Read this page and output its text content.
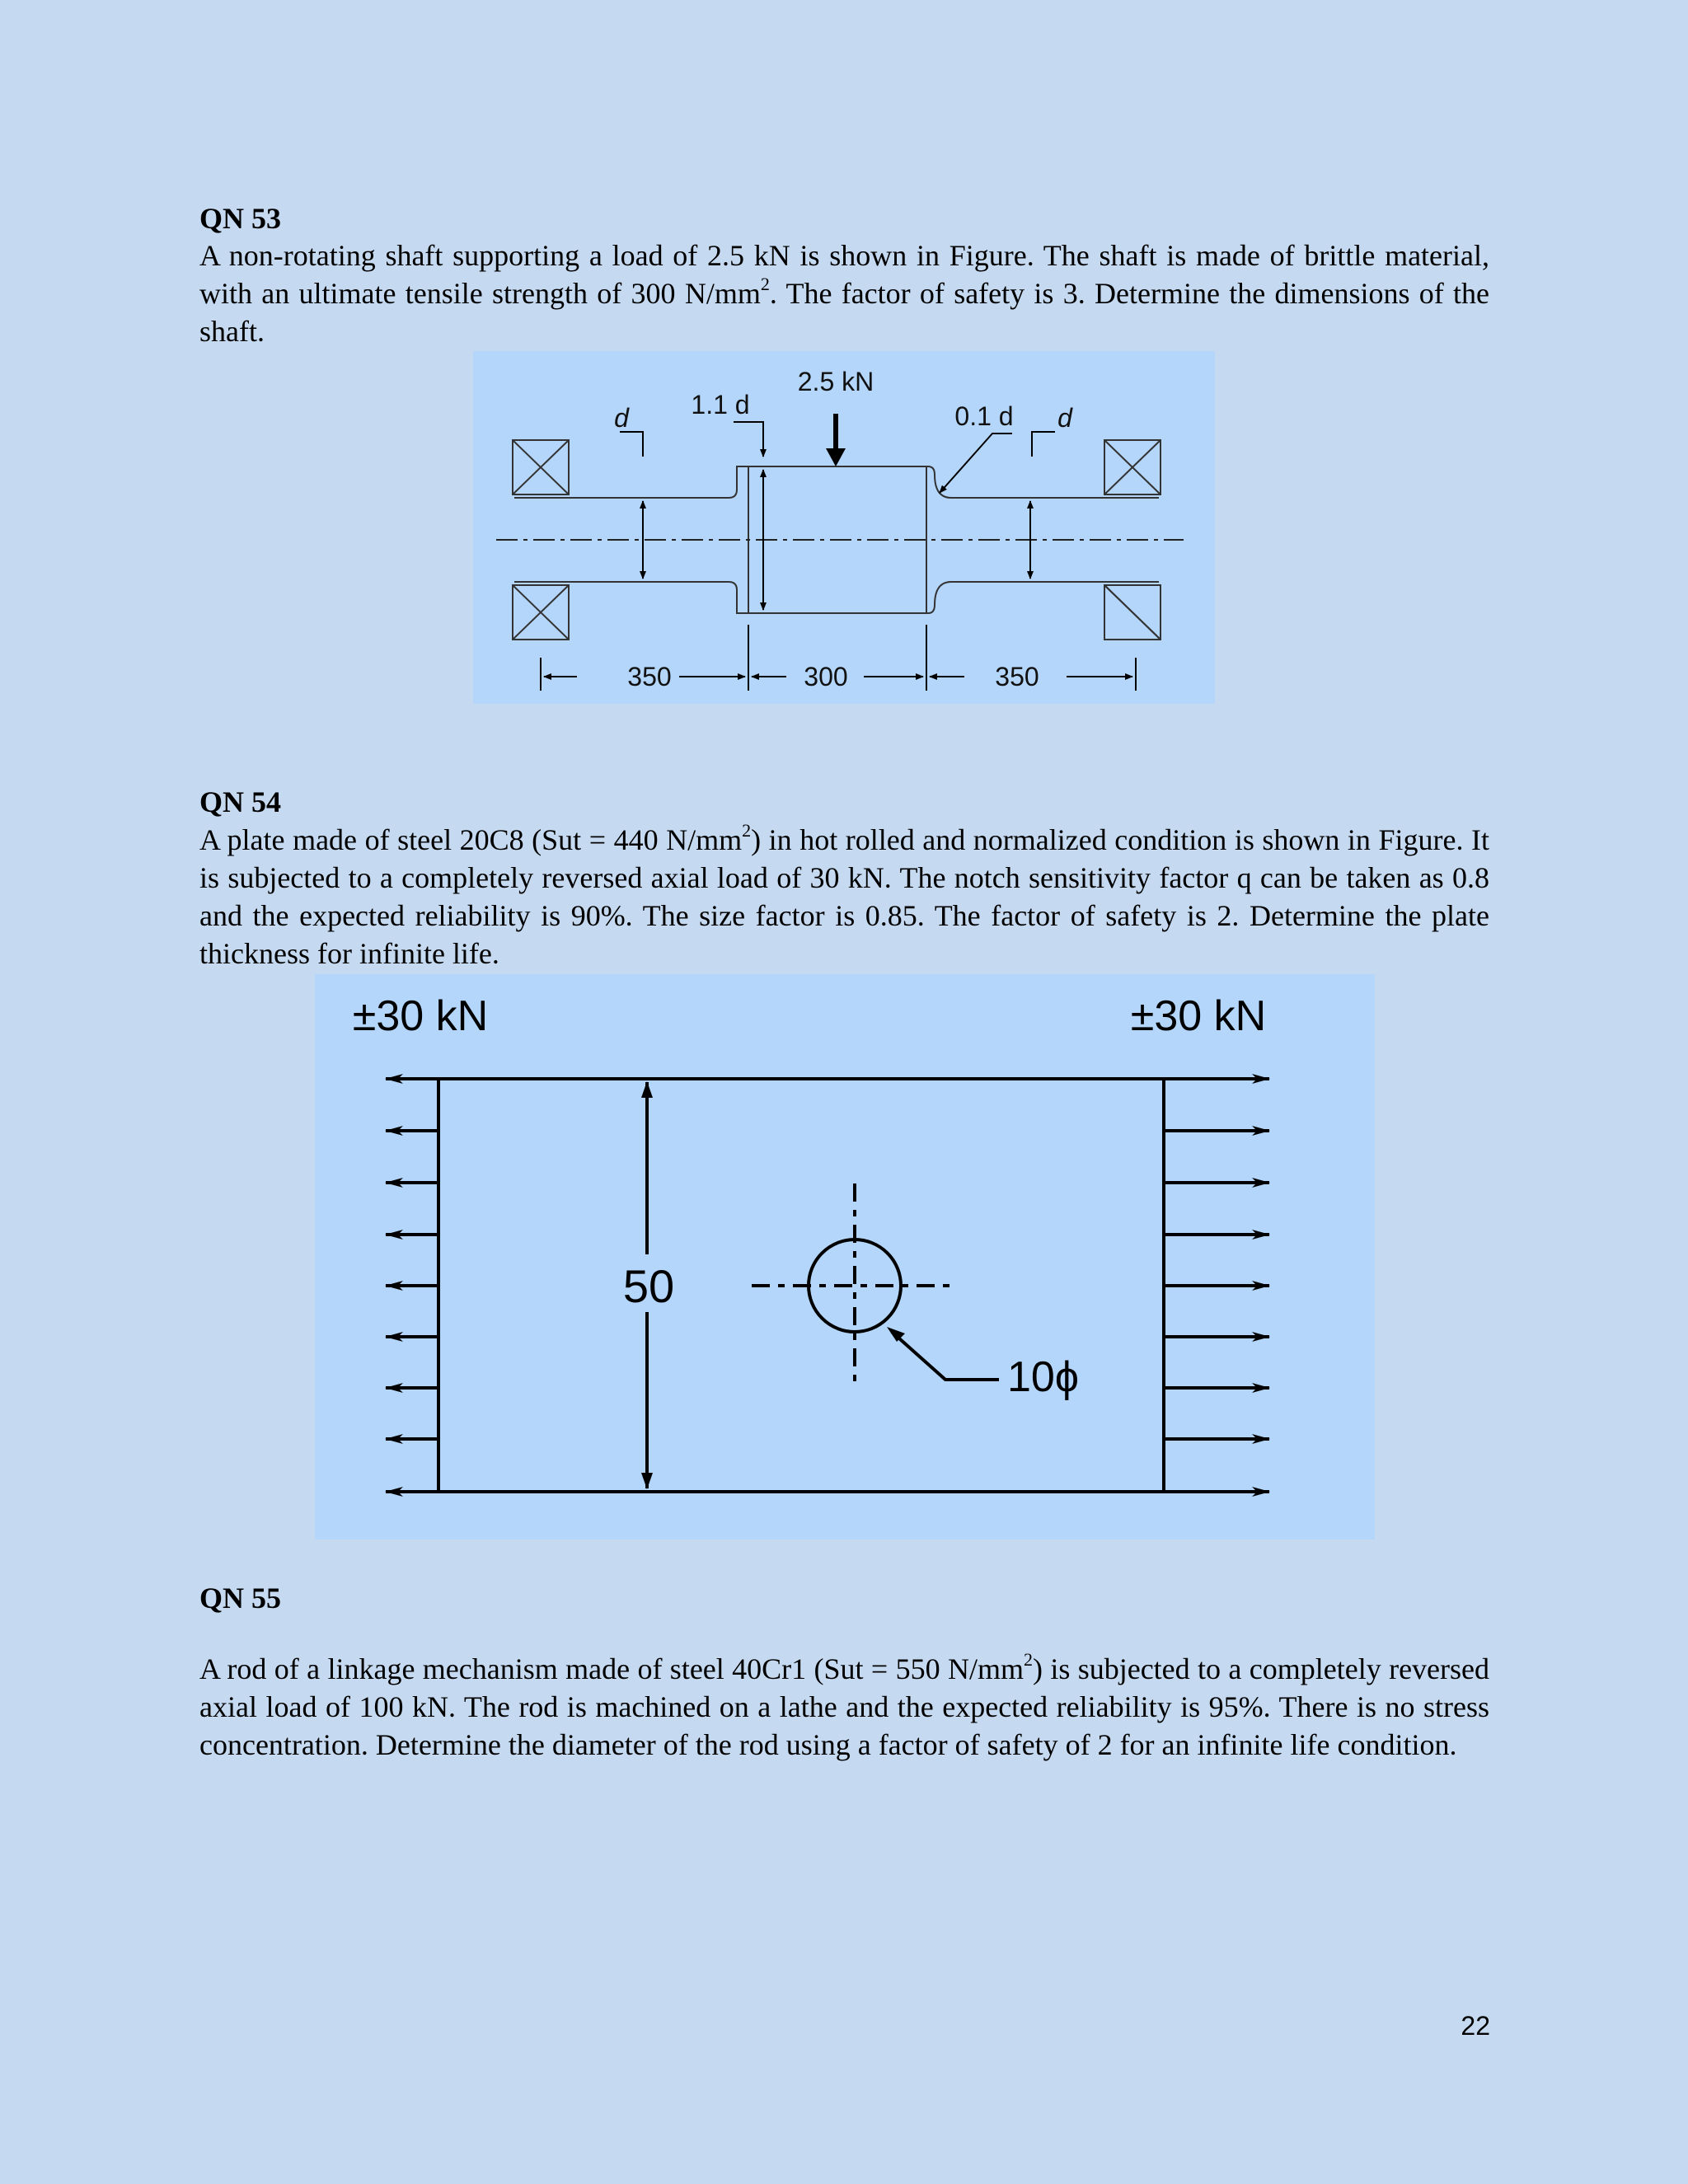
QN 53
A non-rotating shaft supporting a load of 2.5 kN is shown in Figure. The shaft is made of brittle material, with an ultimate tensile strength of 300 $N/mm^2$. The factor of safety is 3. Determine the dimensions of the shaft.
2.5 kN
1.1 d	0.1 d
d	d
350	300	350
QN 54
A plate made of steel 20C8 (Sut = 440 $N/mm^2$) in hot rolled and normalized condition is shown in Figure. It is subjected to a completely reversed axial load of 30 kN. The notch sensitivity factor q can be taken as 0.8 and the expected reliability is 90%. The size factor is 0.85. The factor of safety is 2. Determine the plate thickness for infinite life.
±30 kN	±30 kN
50
10ϕ
QN 55
A rod of a linkage mechanism made of steel 40Cr1 (Sut = 550 $N/mm^2$) is subjected to a completely reversed axial load of 100 kN. The rod is machined on a lathe and the expected reliability is 95%. There is no stress concentration. Determine the diameter of the rod using a factor of safety of 2 for an infinite life condition.
22
